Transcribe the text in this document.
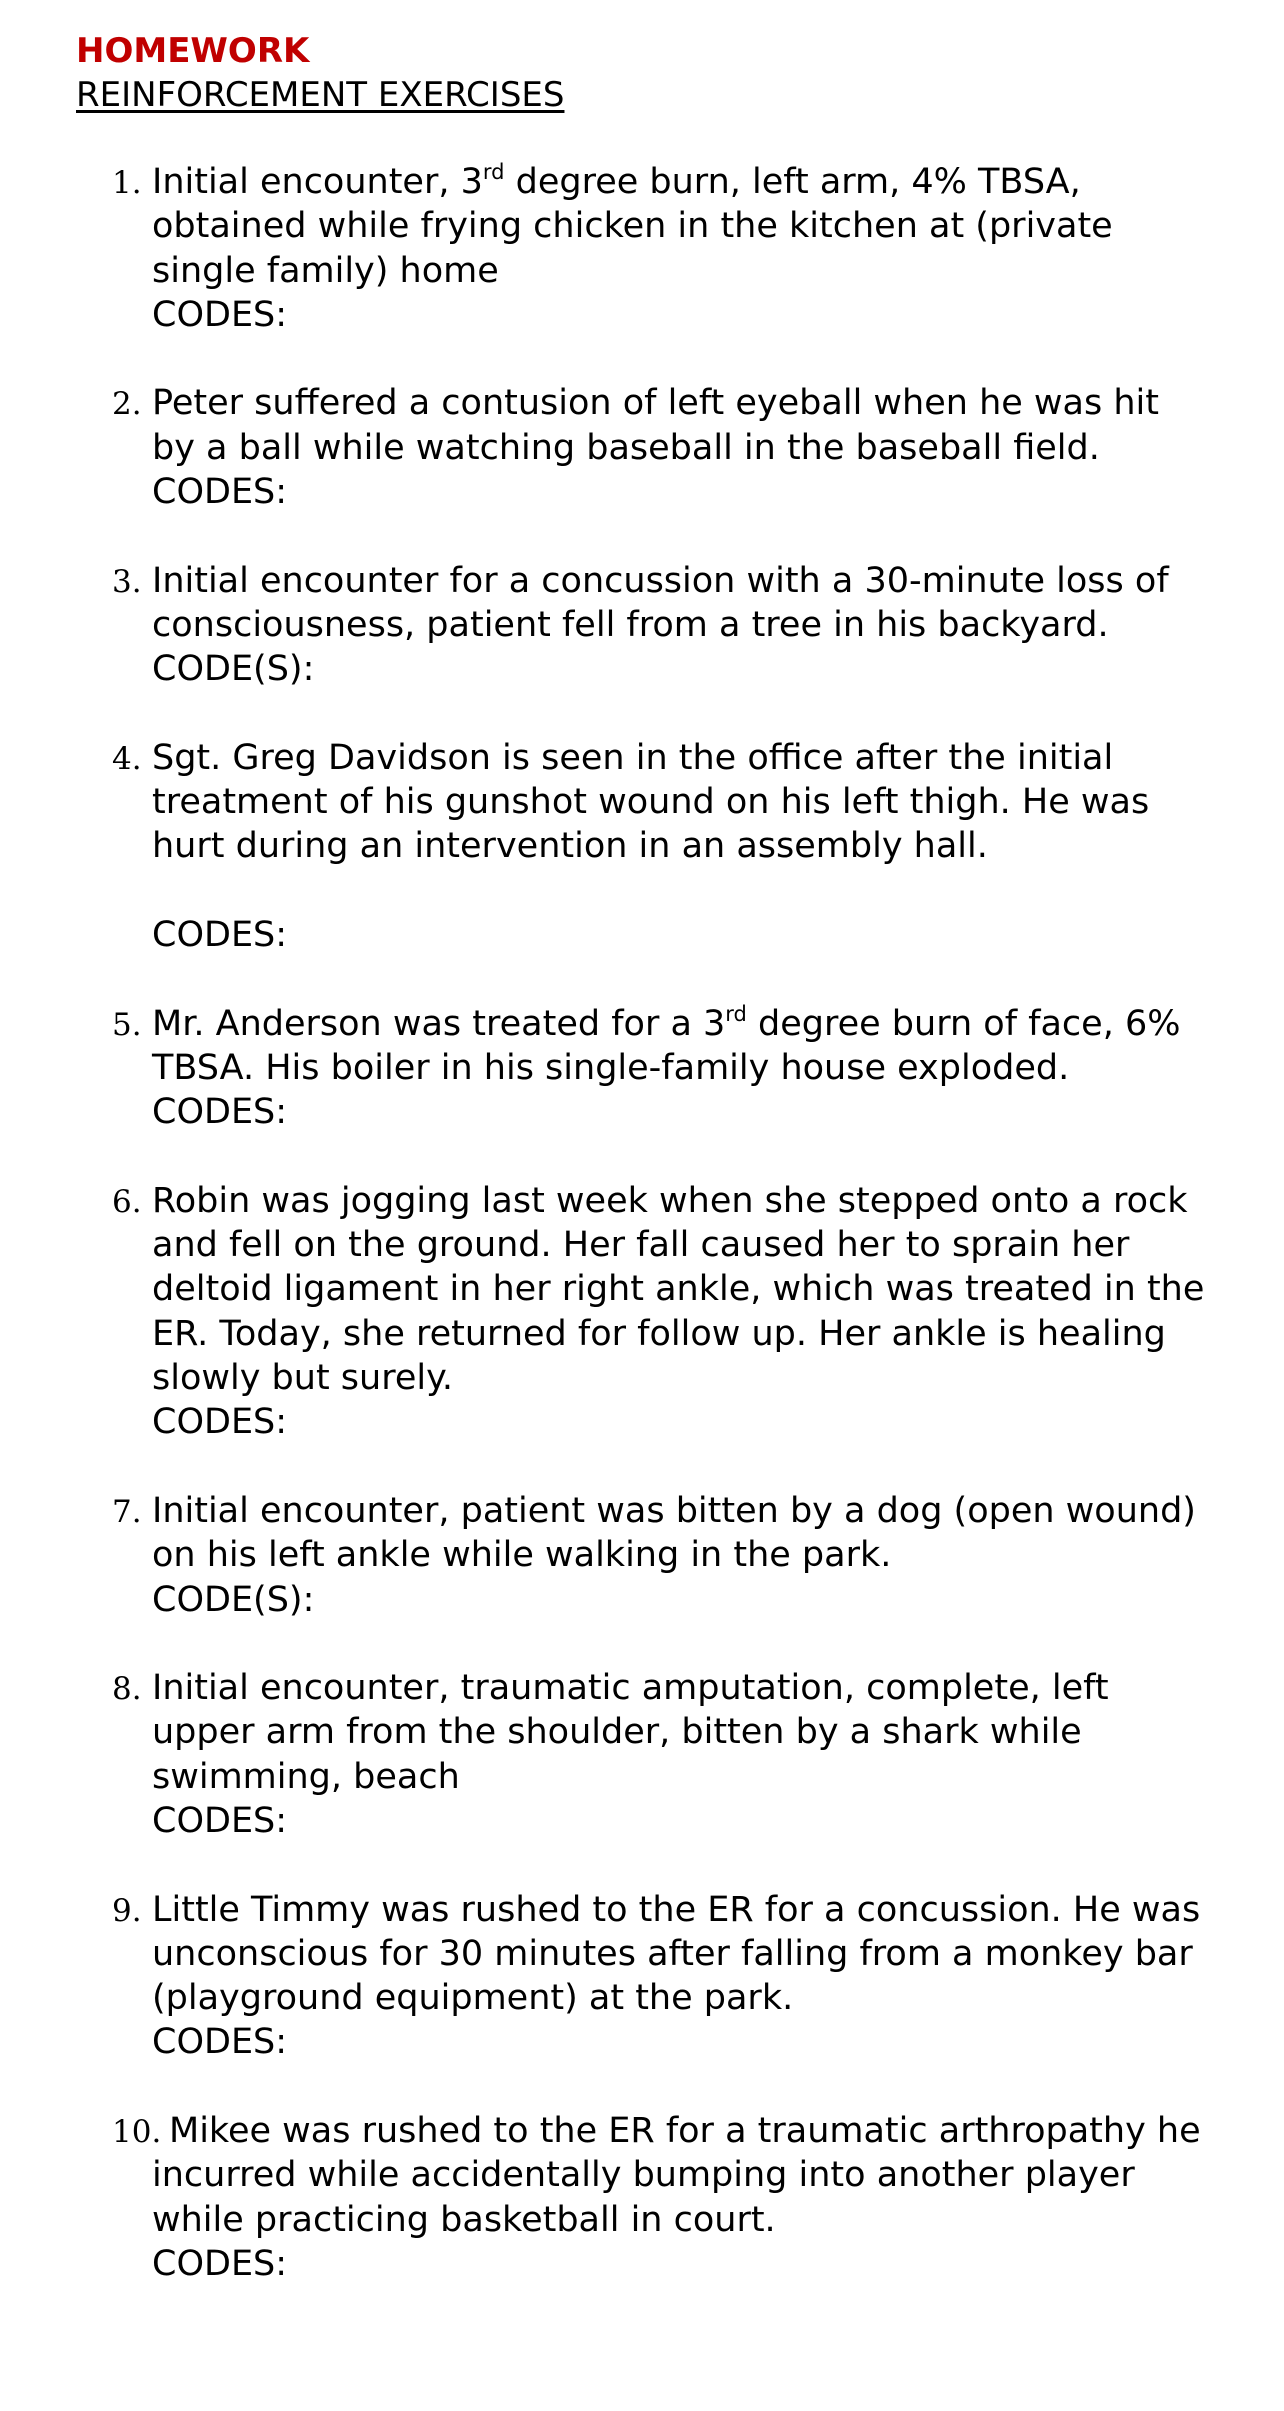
HOMEWORK
REINFORCEMENT EXERCISES
1. Initial encounter, 3rd degree burn, left arm, 4% TBSA, obtained while frying chicken in the kitchen at (private single family) home
CODES:
2. Peter suffered a contusion of left eyeball when he was hit by a ball while watching baseball in the baseball field.
CODES:
3. Initial encounter for a concussion with a 30-minute loss of consciousness, patient fell from a tree in his backyard.
CODE(S):
4. Sgt. Greg Davidson is seen in the office after the initial treatment of his gunshot wound on his left thigh. He was hurt during an intervention in an assembly hall.
CODES:
5. Mr. Anderson was treated for a 3rd degree burn of face, 6% TBSA. His boiler in his single-family house exploded.
CODES:
6. Robin was jogging last week when she stepped onto a rock and fell on the ground. Her fall caused her to sprain her deltoid ligament in her right ankle, which was treated in the ER. Today, she returned for follow up. Her ankle is healing slowly but surely.
CODES:
7. Initial encounter, patient was bitten by a dog (open wound) on his left ankle while walking in the park.
CODE(S):
8. Initial encounter, traumatic amputation, complete, left upper arm from the shoulder, bitten by a shark while swimming, beach
CODES:
9. Little Timmy was rushed to the ER for a concussion. He was unconscious for 30 minutes after falling from a monkey bar (playground equipment) at the park.
CODES:
10. Mikee was rushed to the ER for a traumatic arthropathy he
incurred while accidentally bumping into another player while practicing basketball in court.
CODES:
